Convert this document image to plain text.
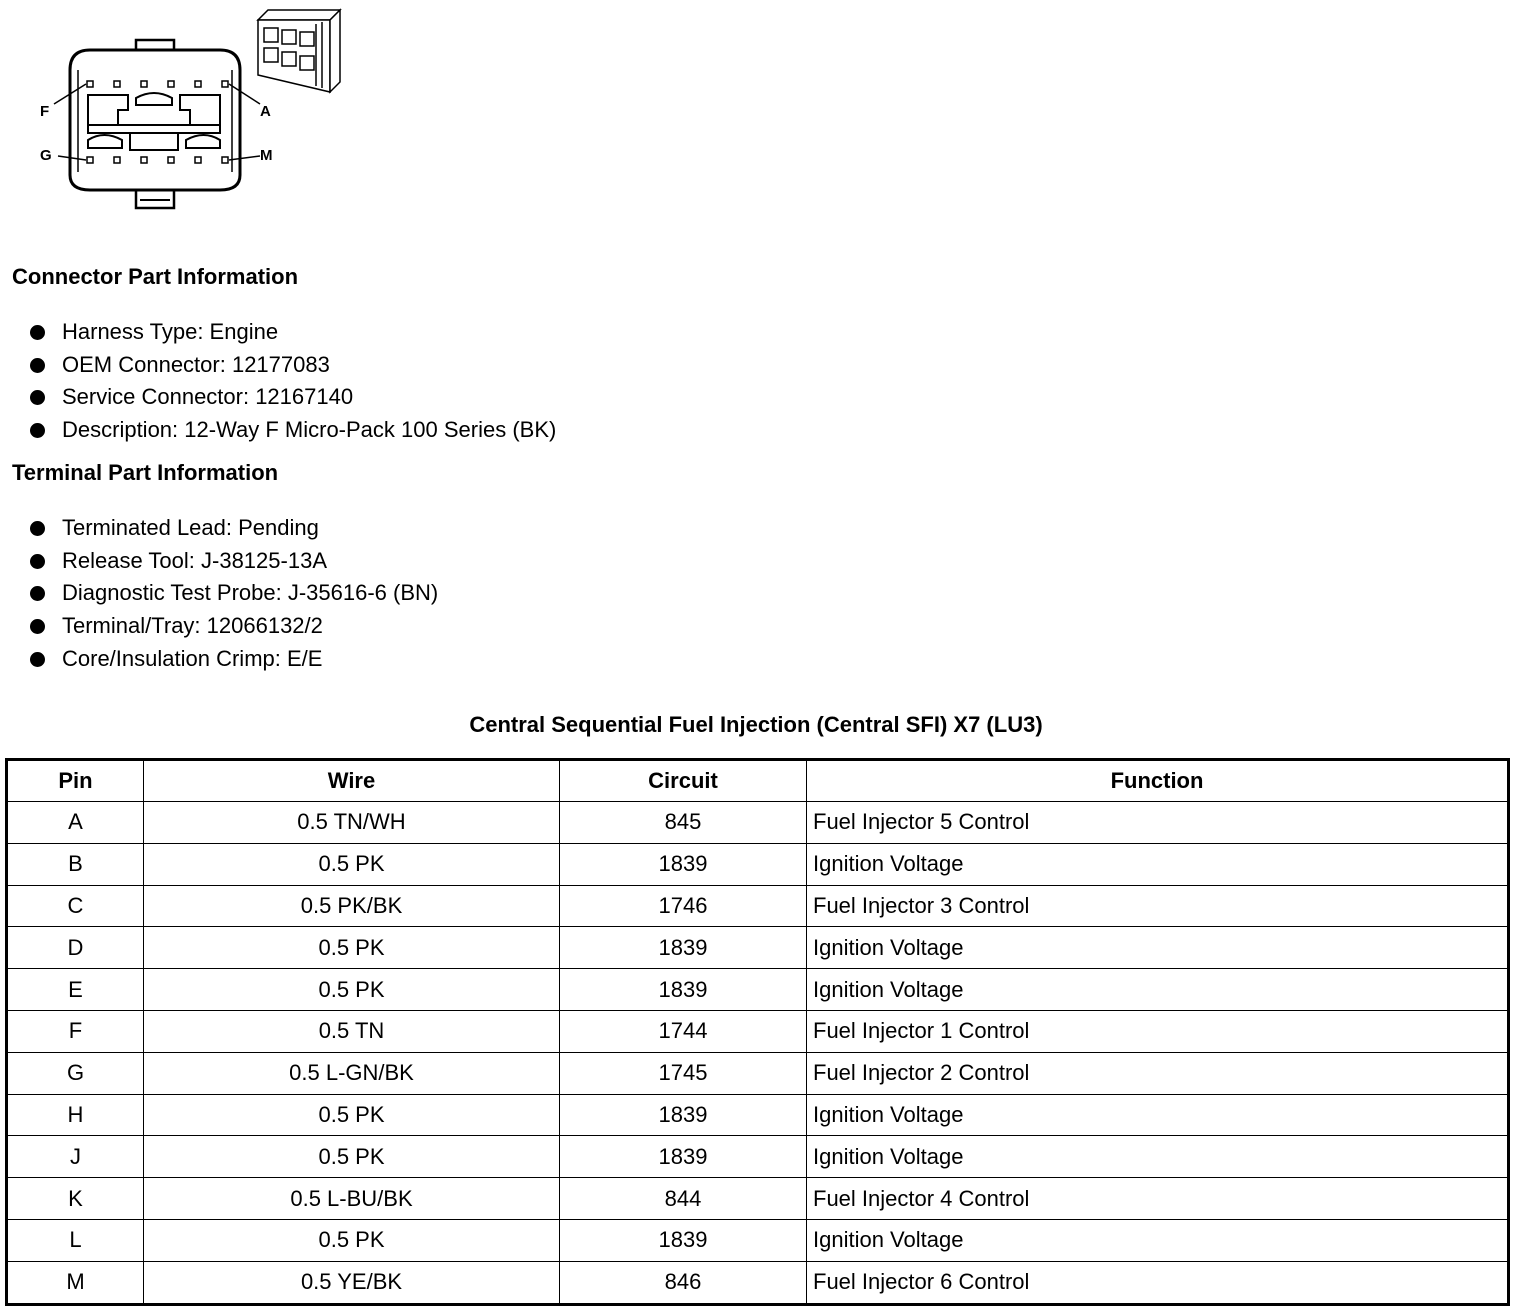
F	A
G	M
Connector Part Information
Harness Type: Engine
OEM Connector: 12177083
Service Connector: 12167140
Description: 12-Way F Micro-Pack 100 Series (BK)
Terminal Part Information
Terminated Lead: Pending
Release Tool: J-38125-13A
Diagnostic Test Probe: J-35616-6 (BN)
Terminal/Tray: 12066132/2
Core/Insulation Crimp: E/E
Central Sequential Fuel Injection (Central SFI) X7 (LU3)
Pin	Wire	Circuit	Function
A	0.5 TN/WH	845	Fuel Injector 5 Control
B	0.5 PK	1839	Ignition Voltage
C	0.5 PK/BK	1746	Fuel Injector 3 Control
D	0.5 PK	1839	Ignition Voltage
E	0.5 PK	1839	Ignition Voltage
F	0.5 TN	1744	Fuel Injector 1 Control
G	0.5 L-GN/BK	1745	Fuel Injector 2 Control
H	0.5 PK	1839	Ignition Voltage
J	0.5 PK	1839	Ignition Voltage
K	0.5 L-BU/BK	844	Fuel Injector 4 Control
L	0.5 PK	1839	Ignition Voltage
M	0.5 YE/BK	846	Fuel Injector 6 Control
